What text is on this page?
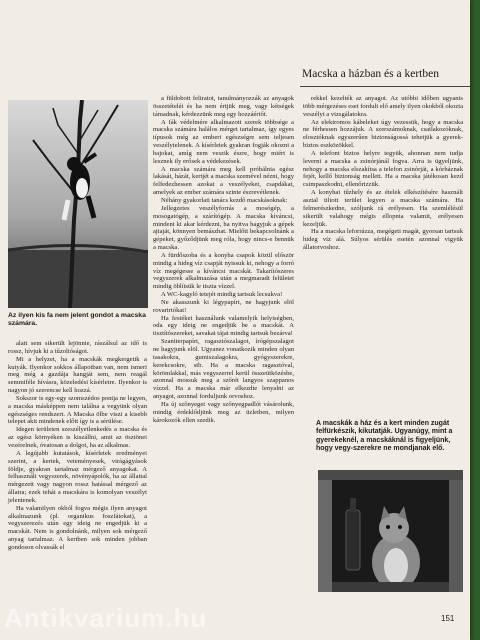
Macska a házban és a kertben
Az ilyen kis fa nem jelent gondot a macska számára.

alatt sem sikerült lejönnie, rászálsul az idő is rossz, hívjuk ki a tűzoltóságot.

Mi a helyzet, ha a macskák megkergetik a kutyák. Ilyenkor sokkos állapotban van, nem ismeri meg még a gazdája hangját sem, nem reagál semmiféle hívásra, közeledési kísérletre. Ilyenkor is nagyon jó szerencse kell hozzá.

Sokszor is egy-egy szomszédos pontja ne legyen, a macska másképpen nem találna a vegyünk olyan egészséges rendszert. A Macska ölbe viszi a kisebb telepet akit mindenek előtt így is a sérülése.

Idegen területen szeszélyetlenkedés a macska és az egész környéken is kiszállni, amit az ösztönei vezérelnek, óvatosan a dolgot, ha az alkalmas.

A legújabb kutatások, kísérletek eredményei szerint, a kertek, veteményesek, virágágyások földje, gyakran tartalmaz mérgező anyagokat. A felhasznált vegyszerek, növényápolók, ha az állattal mérgezett vagy nagyon rossz hatással mérgező az állatra; ezek tehát a macskára is komolyan veszélyt jelentenek.

Ha valamilyen okból fogva mégis ilyen anyagot alkalmazunk (pl. organikus foszfátokat), a vegyszerezés után egy ideig ne engedjük ki a macskát. Nem is gondolnánk, milyen sok mérgező anyag tartalmaz. A kertben sok minden jobban gondoson olvassák el

a füldobott feliratot, tanulmányozzák az anyagok összetételét és ha nem értjük meg, vagy kétségek támadnak, kérdezzünk meg egy hozzáértőt.

A fák védelmére alkalmazott szerek többsége a macska számára halálos mérget tartalmaz, így egyes típusok még az emberi egészségre sem teljesen veszélytelenek. A kísérletek gyakran fogják okozni a bajokat, amíg nem veszik észre, hogy miért is lesznek ily erősek a védekezések.

A macska számára meg kell próbálnia egész lakását, házát, kertjét a macska szemével nézni, hogy felfedezhessen azokat a veszélyeket, csapdákat, amelyek az ember számára szinte észrevétlenek.

Néhány gyakorlati tanács kezdő macskásoknak:

Jellegzetes veszélyforrás a mosógép, a mosogatógép, a szárítógép. A macska kíváncsi, mindent ki akar kérdezni, ha nyitva hagyjuk a gépek ajtaját, könnyen bemászhat. Mielőtt bekapcsolnánk a gépeket, győződjünk meg róla, hogy nincs-e bennük a macska.

A fürdőszoba és a konyha csapok közül először mindig a hideg víz csapját nyissuk ki, nehogy a forró víz megégesse a kíváncsi macskát. Takarítószeres vegyszerek alkalmazása után a megmaradt felületet mindig öblítsük le tiszta vízzel.

A WC-kagyló tetejét mindig tartsuk lecsukva!

Ne akasszunk ki légypapírt, ne hagyjunk elöl rovarirtókat!

Ha festéket használunk valamelyik helyiségben, oda egy ideig ne engedjük be a macskát. A tisztítószereket, savakat tájat mindig tartsuk bezárva!

Szaniterpapírt, ragasztószalagot, írógépszalagot ne hagyjunk elöl. Ugyanez vonatkozik minden olyan tasakokra, gumiszalagokra, gyógyszerekre, kerekcsokre, stb. Ha a macska ragasztóval, körömlakkal, más vegyszerrel kerül összeütközésbe, azonnal mossuk meg a szőrét langyos szappanos vízzel. Ha a macska már elkezdte lenyalni az anyagot, azonnal forduljunk orvoshoz.

Ha új szőnyeget vagy szőnyegpadlót vásárolunk, mindig érdeklődjünk meg az üzletben, milyen károkozók ellen szedik.

rekkel kezelték az anyagot. Az utóbbi időben ugyanis több mérgezéses eset fordult elő amely ilyen okokból okozta veszélyt a vizsgálatokra.

Az elektromos kábeleket úgy vezessük, hogy a macska ne férhessen hozzájuk. A szerszámoknak, csatlakozóknak, elosztóknak egyszerűen biztonságossá tehetjük a gyerek-biztos eszközökkel.

A telefont biztos helyre tegyük, ahonnan nem tudja leverni a macska a zsinórjánál fogva. Arra is ügyeljünk, nehogy a macska elszakítsa a telefon zsinórját, a kórháznak fejét, kellő biztonság mellett. Ha a macska játékosan kezd csimpaszkodni, ellenőrizzük.

A konyhai tűzhely és az ételek elkészítésére használt asztal tiltott terület legyen a macska számára. Ha felmerészkedne, szóljunk rá erélyesen. Ha szemlélésül sikerült valahogy mégis ellopnia valamit, erélyesen kezeljük.

Ha a macska leforrázza, megégeti magát, gyorsan tartsuk hideg víz alá. Súlyos sérülés esetén azonnal vigyük állatorvoshoz.

A macskák a ház és a kert minden zugát felfürkészik, kikutatják. Ugyanúgy, mint a gyerekeknél, a macskáknál is figyeljünk, hogy vegy-szerekre ne mondjanak elő.
151
Antikvarium.hu
